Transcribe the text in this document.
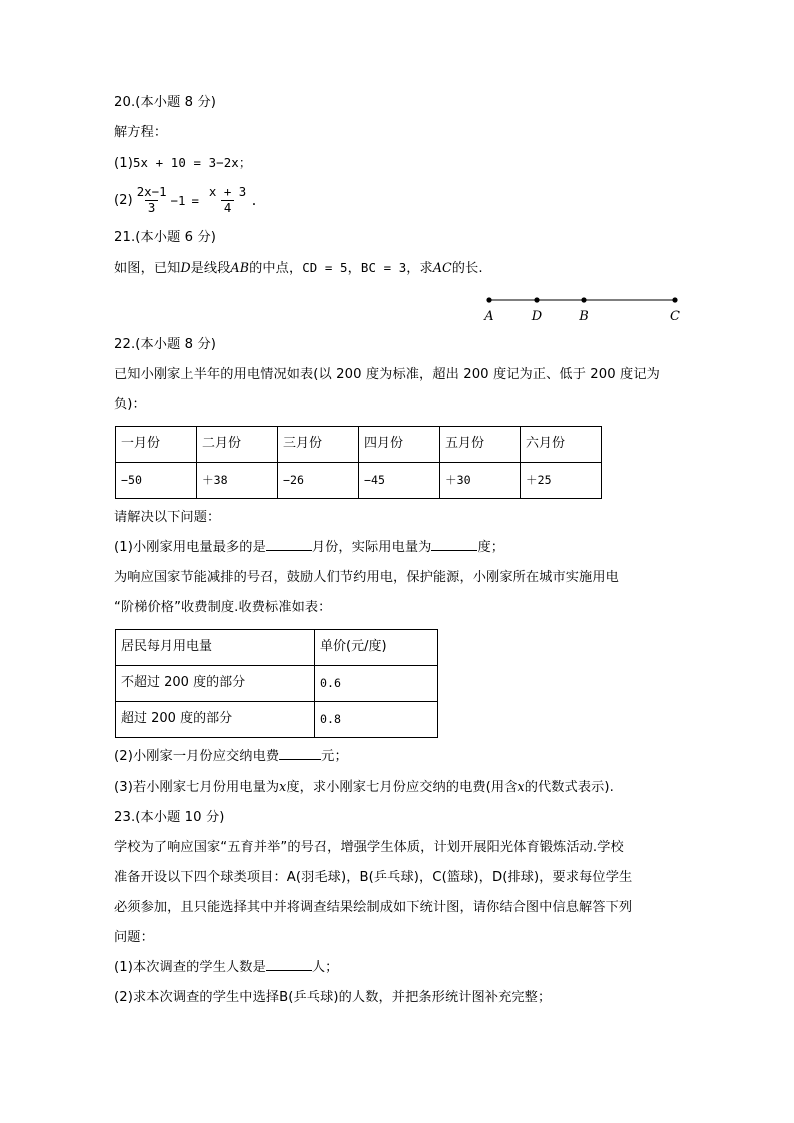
20.(本小题 8 分)
解方程：
(1)5x + 10 = 3−2x；
$(2) \frac{2x-1}{3} -1 = \frac{x + 3}{4}$ .
21.(本小题 6 分)
如图，已知D是线段AB的中点，CD = 5，BC = 3，求AC的长.
A	D	B	C
22.(本小题 8 分)
已知小刚家上半年的用电情况如表(以 200 度为标准，超出 200 度记为正、低于 200 度记为
负)：
一月份	二月份	三月份	四月份	五月份	六月份
−50	＋38	−26	−45	＋30	＋25
请解决以下问题：
(1)小刚家用电量最多的是	月份，实际用电量为	度；
为响应国家节能减排的号召，鼓励人们节约用电，保护能源，小刚家所在城市实施用电
“阶梯价格”收费制度.收费标准如表：
居民每月用电量	单价(元/度)
不超过 200 度的部分	0.6
超过 200 度的部分	0.8
(2)小刚家一月份应交纳电费	元；
(3)若小刚家七月份用电量为x度，求小刚家七月份应交纳的电费(用含x的代数式表示).
23.(本小题 10 分)
学校为了响应国家“五育并举”的号召，增强学生体质，计划开展阳光体育锻炼活动.学校
准备开设以下四个球类项目：A(羽毛球)，B(乒乓球)，C(篮球)，D(排球)，要求每位学生
必须参加，且只能选择其中并将调查结果绘制成如下统计图，请你结合图中信息解答下列
问题：
(1)本次调查的学生人数是	人；
(2)求本次调查的学生中选择B(乒乓球)的人数，并把条形统计图补充完整；
